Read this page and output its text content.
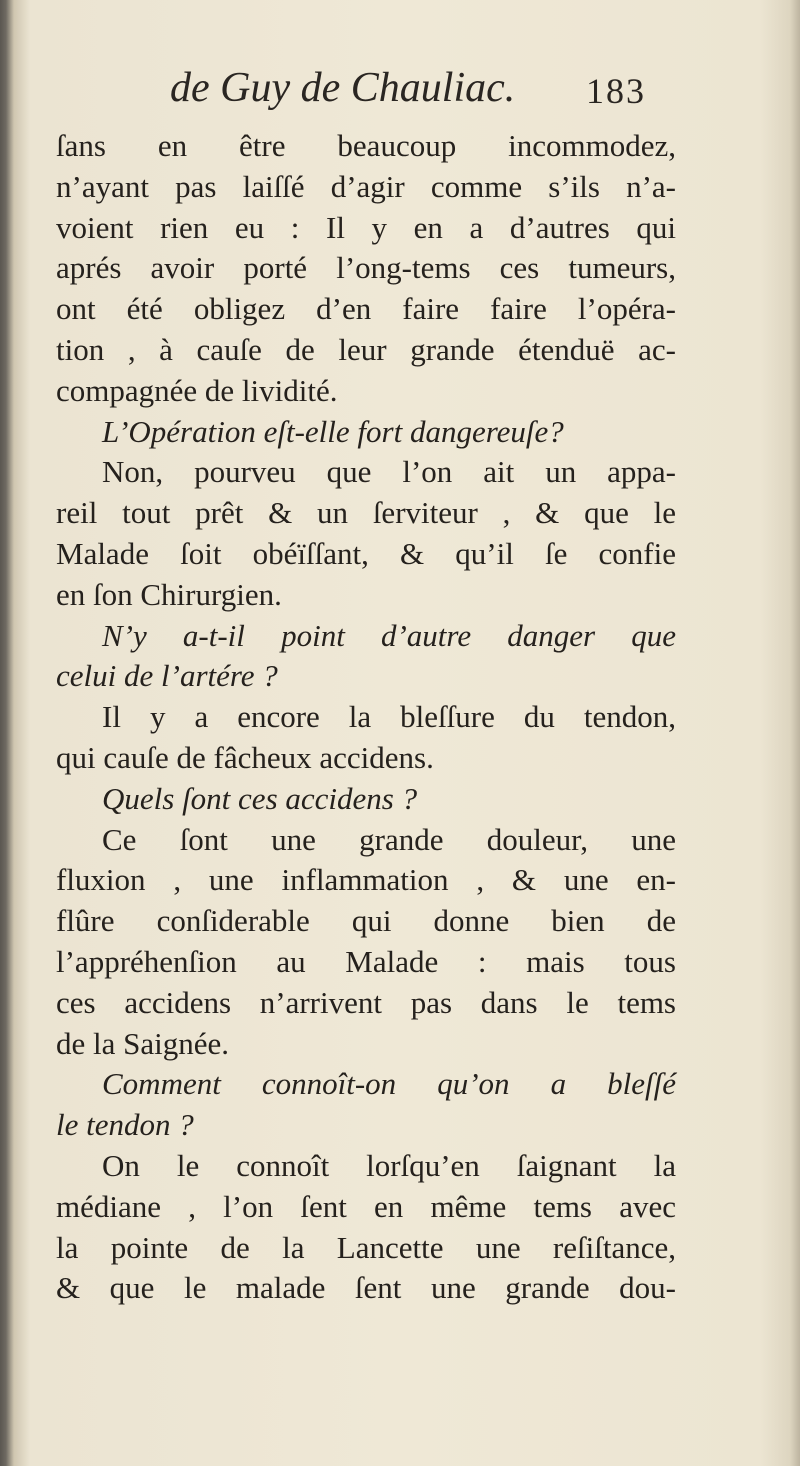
de Guy de Chauliac. 183
ſans en être beaucoup incommodez,
n’ayant pas laiſſé d’agir comme s’ils n’a-
voient rien eu : Il y en a d’autres qui
aprés avoir porté l’ong-tems ces tumeurs,
ont été obligez d’en faire faire l’opéra-
tion , à cauſe de leur grande étenduë ac-
compagnée de lividité.
L’Opération eſt-elle fort dangereuſe?
Non, pourveu que l’on ait un appa-
reil tout prêt & un ſerviteur , & que le
Malade ſoit obéïſſant, & qu’il ſe confie
en ſon Chirurgien.
N’y a-t-il point d’autre danger que
celui de l’artére ?
Il y a encore la bleſſure du tendon,
qui cauſe de fâcheux accidens.
Quels ſont ces accidens ?
Ce ſont une grande douleur, une
fluxion , une inflammation , & une en-
flûre conſiderable qui donne bien de
l’appréhenſion au Malade : mais tous
ces accidens n’arrivent pas dans le tems
de la Saignée.
Comment connoît-on qu’on a bleſſé
le tendon ?
On le connoît lorſqu’en ſaignant la
médiane , l’on ſent en même tems avec
la pointe de la Lancette une reſiſtance,
& que le malade ſent une grande dou-
